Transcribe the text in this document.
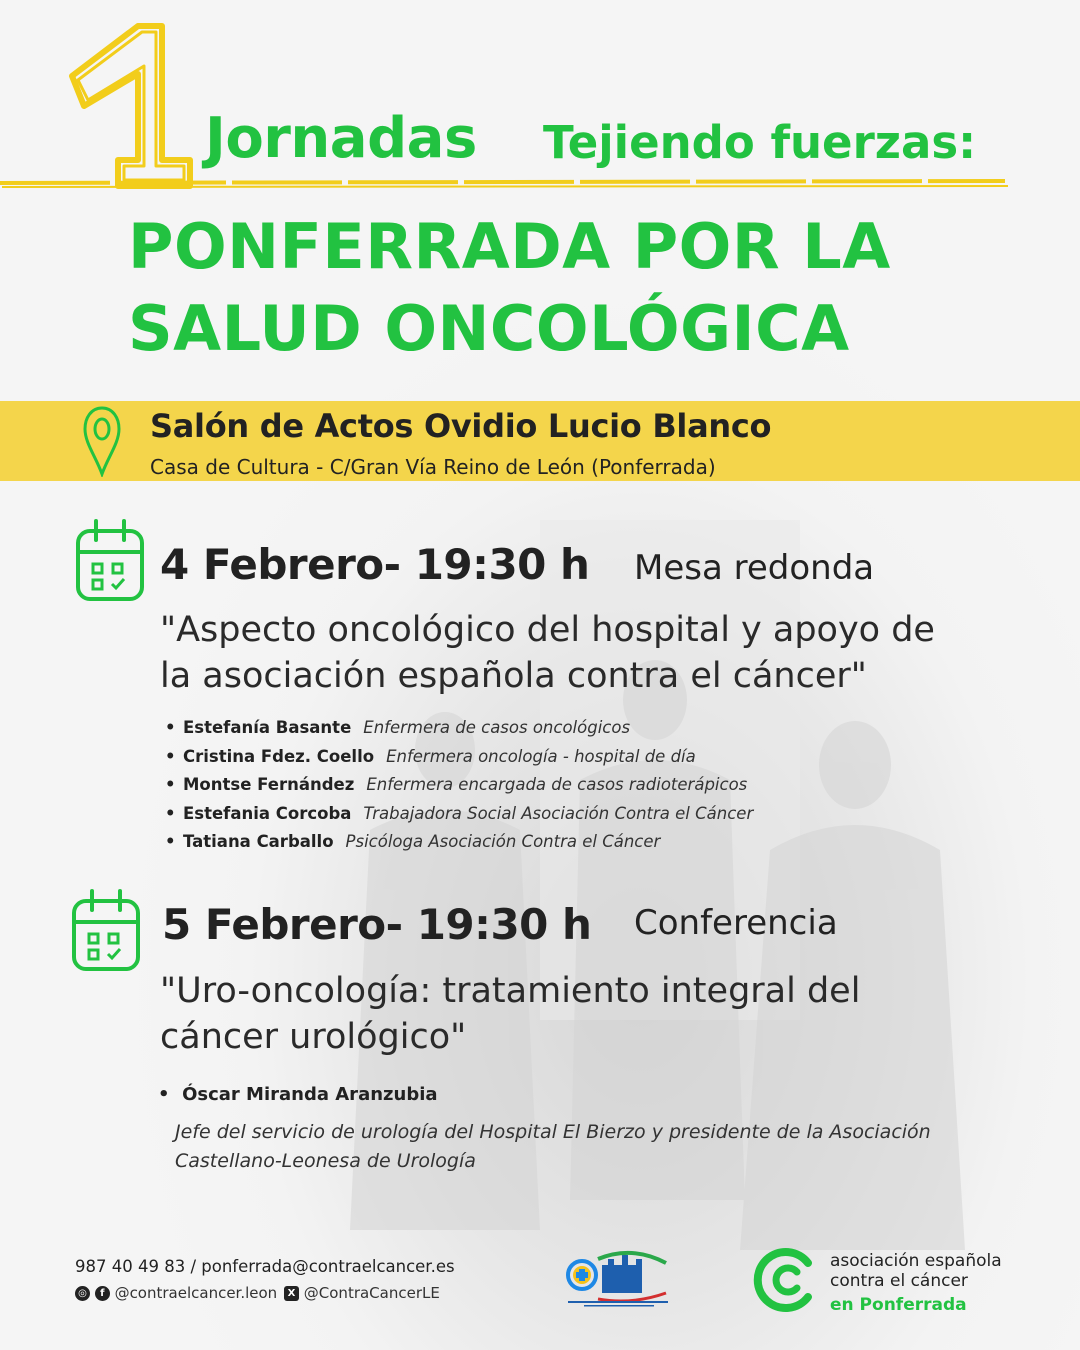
Jornadas Tejiendo fuerzas:
PONFERRADA POR LA
SALUD ONCOLÓGICA
Salón de Actos Ovidio Lucio Blanco
Casa de Cultura - C/Gran Vía Reino de León (Ponferrada)
4 Febrero- 19:30 h Mesa redonda
"Aspecto oncológico del hospital y apoyo de
la asociación española contra el cáncer"
• Estefanía Basante Enfermera de casos oncológicos
• Cristina Fdez. Coello Enfermera oncología - hospital de día
• Montse Fernández Enfermera encargada de casos radioterápicos
• Estefania Corcoba Trabajadora Social Asociación Contra el Cáncer
• Tatiana Carballo Psicóloga Asociación Contra el Cáncer
5 Febrero- 19:30 h Conferencia
"Uro-oncología: tratamiento integral del
cáncer urológico"
• Óscar Miranda Aranzubia
Jefe del servicio de urología del Hospital El Bierzo y presidente de la Asociación Castellano-Leonesa de Urología
987 40 49 83 / ponferrada@contraelcancer.es
◎ f @contraelcancer.leon	X @ContraCancerLE
asociación española
contra el cáncer
en Ponferrada
